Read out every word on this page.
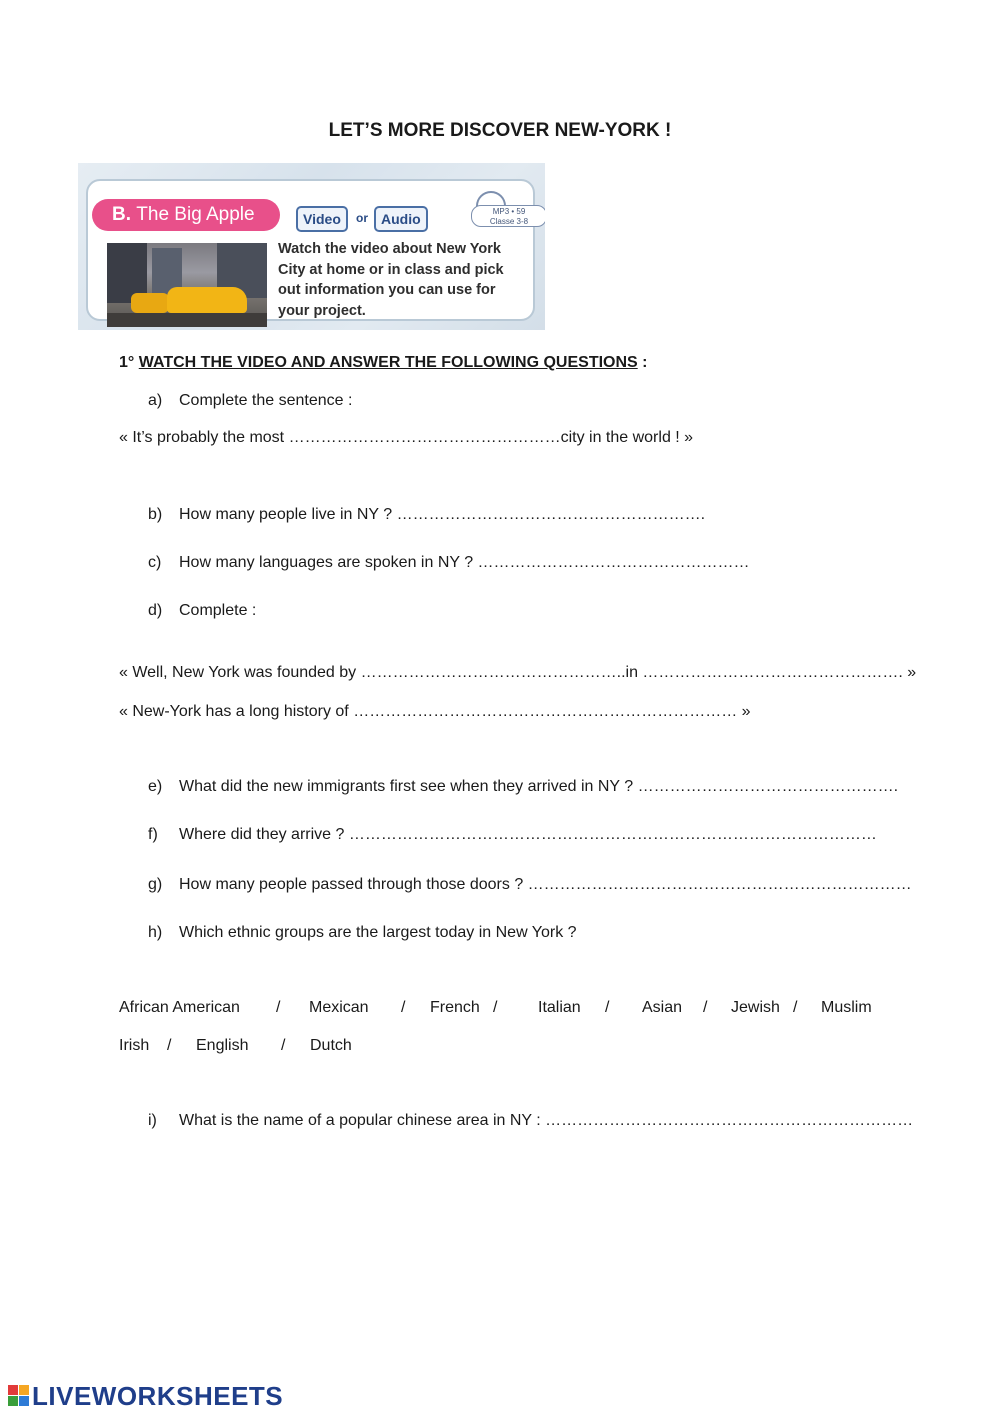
LET’S MORE DISCOVER NEW-YORK !
B. The Big Apple	Video	or Audio	MP3 • 59
Classe 3-8
Watch the video about New York City at home or in class and pick out information you can use for your project.
1° WATCH THE VIDEO AND ANSWER THE FOLLOWING QUESTIONS :
a) Complete the sentence :
« It’s probably the most ……………………………………………city in the world ! »
b) How many people live in NY ? ………………………………………………….
c) How many languages are spoken in NY ? ……………………………………………
d) Complete :
« Well, New York was founded by …………………………………………..in …………………………………………. »
« New-York has a long history of ……………………………………………………………… »
e) What did the new immigrants first see when they arrived in NY ? ………………………………………….
f) Where did they arrive ? ………………………………………………………………………………………
g) How many people passed through those doors ? ………………………………………………………………
h) Which ethnic groups are the largest today in New York ?
African American / Mexican / French /	Italian / Asian / Jewish / Muslim
Irish / English / Dutch
i) What is the name of a popular chinese area in NY : ……………………………………………………………
LIVEWORKSHEETS
